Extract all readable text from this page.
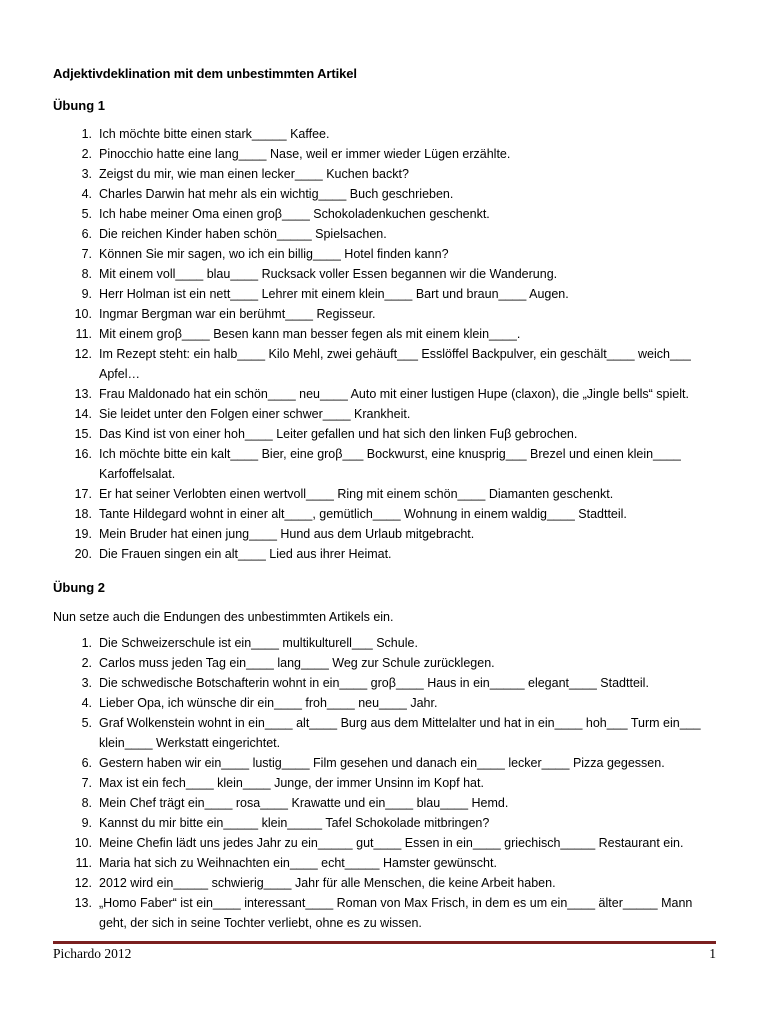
Adjektivdeklination mit dem unbestimmten Artikel
Übung 1
1. Ich möchte bitte einen stark_____ Kaffee.
2. Pinocchio hatte eine lang____ Nase, weil er immer wieder Lügen erzählte.
3. Zeigst du mir, wie man einen lecker____ Kuchen backt?
4. Charles Darwin hat mehr als ein wichtig____ Buch geschrieben.
5. Ich habe meiner Oma einen groβ____ Schokoladenkuchen geschenkt.
6. Die reichen Kinder haben schön_____ Spielsachen.
7. Können Sie mir sagen, wo ich ein billig____ Hotel finden kann?
8. Mit einem voll____ blau____ Rucksack voller Essen begannen wir die Wanderung.
9. Herr Holman ist ein nett____ Lehrer mit einem klein____ Bart und braun____ Augen.
10. Ingmar Bergman war ein berühmt____ Regisseur.
11. Mit einem groβ____ Besen kann man besser fegen als mit einem klein____.
12. Im Rezept steht: ein halb____ Kilo Mehl, zwei gehäuft___ Esslöffel Backpulver, ein geschält____ weich___ Apfel…
13. Frau Maldonado hat ein schön____ neu____ Auto mit einer lustigen Hupe (claxon), die „Jingle bells“ spielt.
14. Sie leidet unter den Folgen einer schwer____ Krankheit.
15. Das Kind ist von einer hoh____ Leiter gefallen und hat sich den linken Fuβ gebrochen.
16. Ich möchte bitte ein kalt____ Bier, eine groβ___ Bockwurst, eine knusprig___ Brezel und einen klein____ Karfoffelsalat.
17. Er hat seiner Verlobten einen wertvoll____ Ring mit einem schön____ Diamanten geschenkt.
18. Tante Hildegard wohnt in einer alt____, gemütlich____ Wohnung in einem waldig____ Stadtteil.
19. Mein Bruder hat einen jung____ Hund aus dem Urlaub mitgebracht.
20. Die Frauen singen ein alt____ Lied aus ihrer Heimat.
Übung 2
Nun setze auch die Endungen des unbestimmten Artikels ein.
1. Die Schweizerschule ist ein____ multikulturell___ Schule.
2. Carlos muss jeden Tag ein____ lang____ Weg zur Schule zurücklegen.
3. Die schwedische Botschafterin wohnt in ein____ groβ____ Haus in ein_____ elegant____ Stadtteil.
4. Lieber Opa, ich wünsche dir ein____ froh____ neu____ Jahr.
5. Graf Wolkenstein wohnt in ein____ alt____ Burg aus dem Mittelalter und hat in ein____ hoh___ Turm ein___ klein____ Werkstatt eingerichtet.
6. Gestern haben wir ein____ lustig____ Film gesehen und danach ein____ lecker____ Pizza gegessen.
7. Max ist ein fech____ klein____ Junge, der immer Unsinn im Kopf hat.
8. Mein Chef trägt ein____ rosa____ Krawatte und ein____ blau____ Hemd.
9. Kannst du mir bitte ein_____ klein_____ Tafel Schokolade mitbringen?
10. Meine Chefin lädt uns jedes Jahr zu ein_____ gut____ Essen in ein____ griechisch_____ Restaurant ein.
11. Maria hat sich zu Weihnachten ein____ echt_____ Hamster gewünscht.
12. 2012 wird ein_____ schwierig____ Jahr für alle Menschen, die keine Arbeit haben.
13. „Homo Faber“ ist ein____ interessant____ Roman von Max Frisch, in dem es um ein____ älter_____ Mann geht, der sich in seine Tochter verliebt, ohne es zu wissen.
Pichardo 2012	1
